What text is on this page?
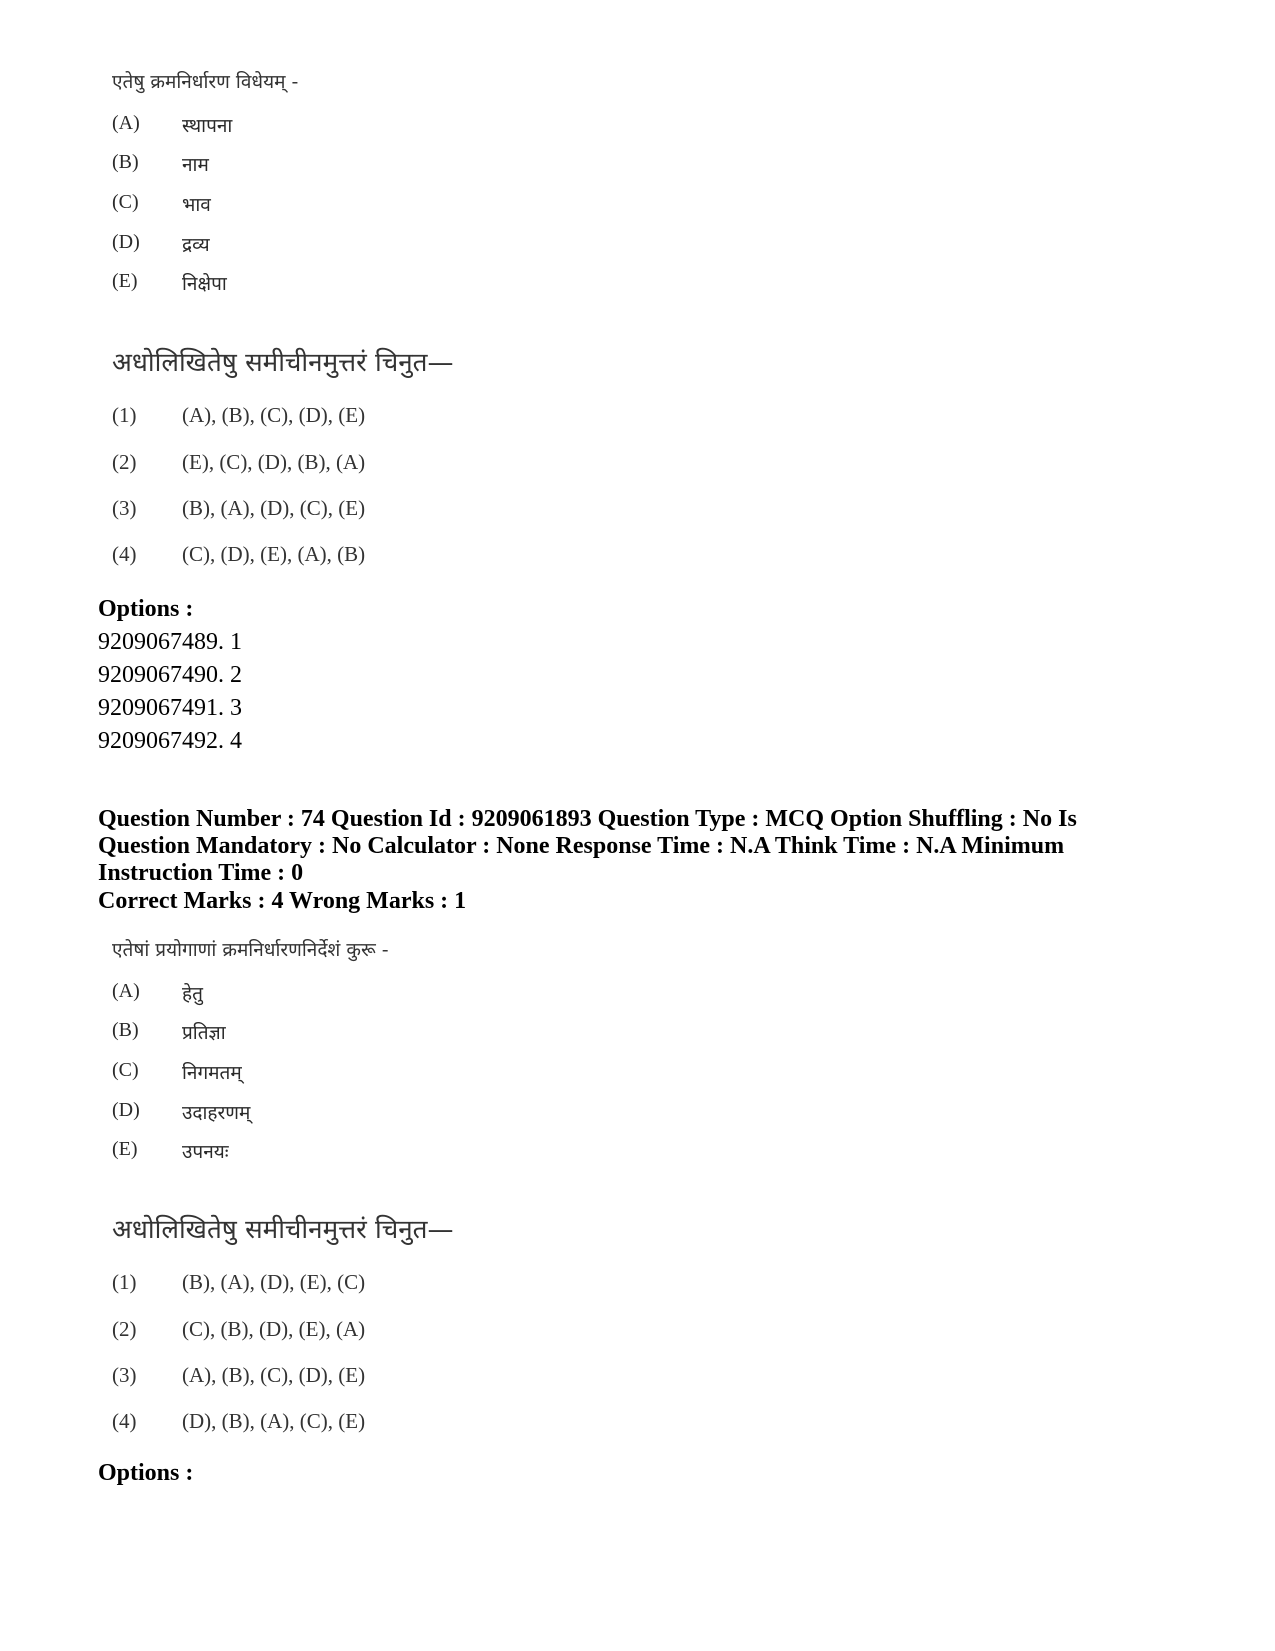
एतेषु क्रमनिर्धारण विधेयम् -
(A) स्थापना
(B) नाम
(C) भाव
(D) द्रव्य
(E) निक्षेपा
अधोलिखितेषु समीचीनमुत्तरं चिनुत—
(1) (A), (B), (C), (D), (E)
(2) (E), (C), (D), (B), (A)
(3) (B), (A), (D), (C), (E)
(4) (C), (D), (E), (A), (B)
Options :
9209067489. 1
9209067490. 2
9209067491. 3
9209067492. 4
Question Number : 74 Question Id : 9209061893 Question Type : MCQ Option Shuffling : No Is Question Mandatory : No Calculator : None Response Time : N.A Think Time : N.A Minimum Instruction Time : 0
Correct Marks : 4 Wrong Marks : 1
एतेषां प्रयोगाणां क्रमनिर्धारणनिर्देशं कुरू -
(A) हेतु
(B) प्रतिज्ञा
(C) निगमतम्
(D) उदाहरणम्
(E) उपनयः
अधोलिखितेषु समीचीनमुत्तरं चिनुत—
(1) (B), (A), (D), (E), (C)
(2) (C), (B), (D), (E), (A)
(3) (A), (B), (C), (D), (E)
(4) (D), (B), (A), (C), (E)
Options :
